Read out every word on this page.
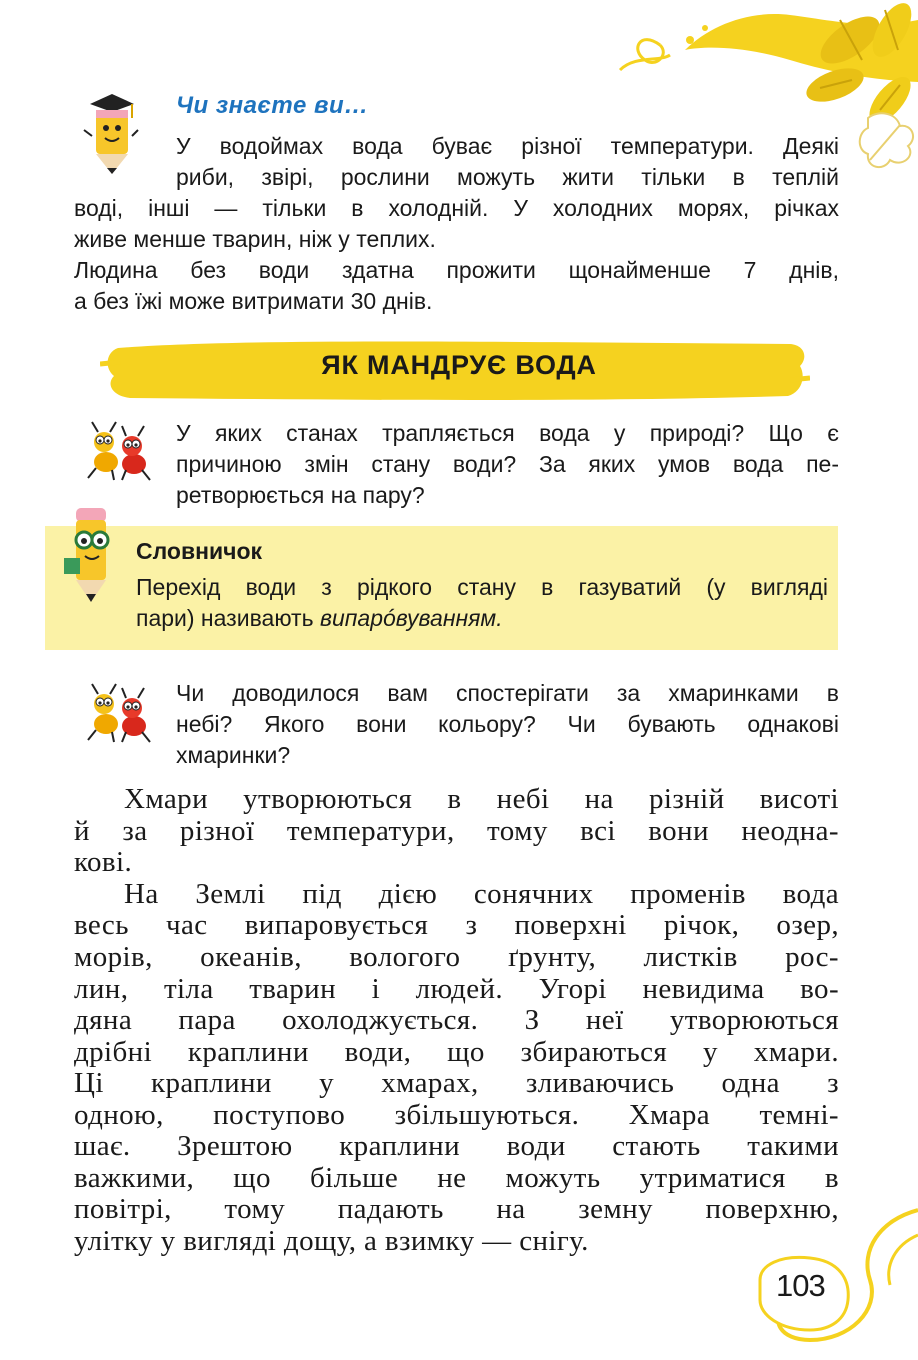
Чи знаєте ви…
У водоймах вода буває різної температури. Деякі
риби, звірі, рослини можуть жити тільки в теплій
воді, інші — тільки в холодній. У холодних морях, річках
живе менше тварин, ніж у теплих.
Людина без води здатна прожити щонайменше 7 днів,
а без їжі може витримати 30 днів.
ЯК МАНДРУЄ ВОДА
У яких станах трапляється вода у природі? Що є
причиною змін стану води? За яких умов вода пе-
ретворюється на пару?
Словничок
Перехід води з рідкого стану в газуватий (у вигляді
пари) називають випарóвуванням.
Чи доводилося вам спостерігати за хмаринками в
небі? Якого вони кольору? Чи бувають однакові
хмаринки?
Хмари утворюються в небі на різній висоті
й за різної температури, тому всі вони неодна-
кові.
На Землі під дією сонячних променів вода
весь час випаровується з поверхні річок, озер,
морів, океанів, вологого ґрунту, листків рос-
лин, тіла тварин і людей. Угорі невидима во-
дяна пара охолоджується. З неї утворюються
дрібні краплини води, що збираються у хмари.
Ці краплини у хмарах, зливаючись одна з
одною, поступово збільшуються. Хмара темні-
шає. Зрештою краплини води стають такими
важкими, що більше не можуть утриматися в
повітрі, тому падають на земну поверхню,
улітку у вигляді дощу, а взимку — снігу.
103
